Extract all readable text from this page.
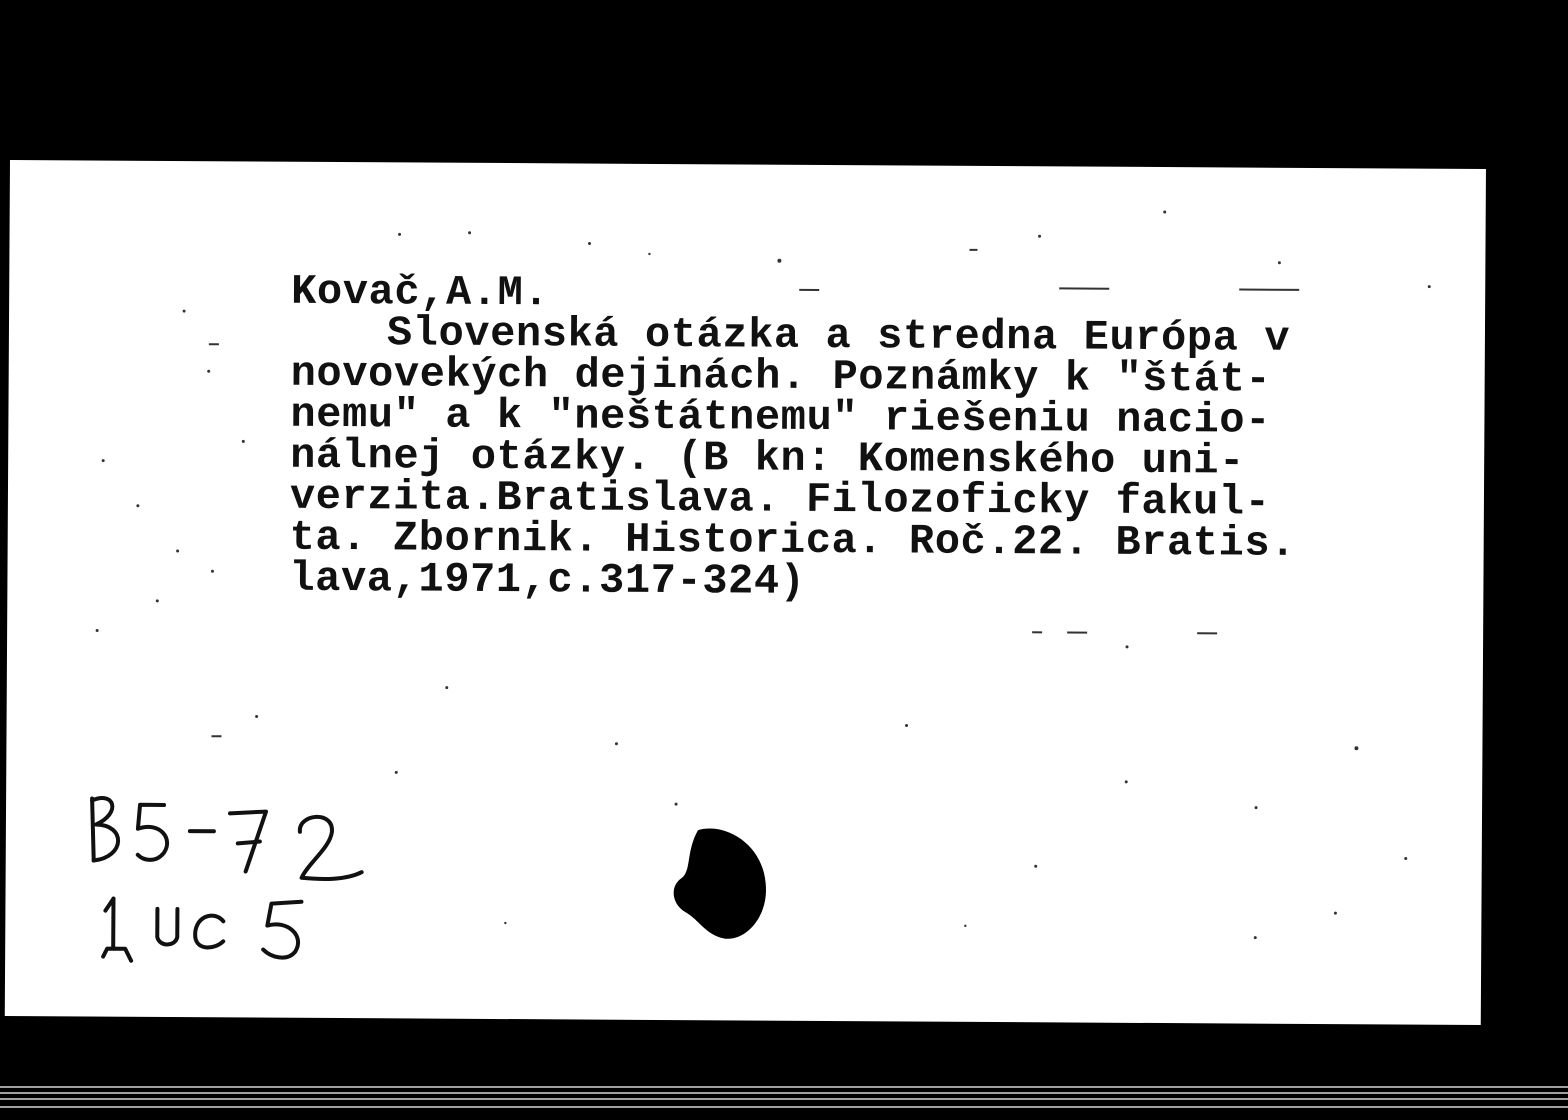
Kovač,A.M.
Slovenská otázka a stredna Európa v
novovekých dejinách. Poznámky k "štát-
nemu" a k "neštátnemu" riešeniu nacio-
nálnej otázky. (B kn: Komenského uni-
verzita.Bratislava. Filozoficky fakul-
ta. Zbornik. Historica. Roč.22. Bratis.
lava,1971,c.317-324)
